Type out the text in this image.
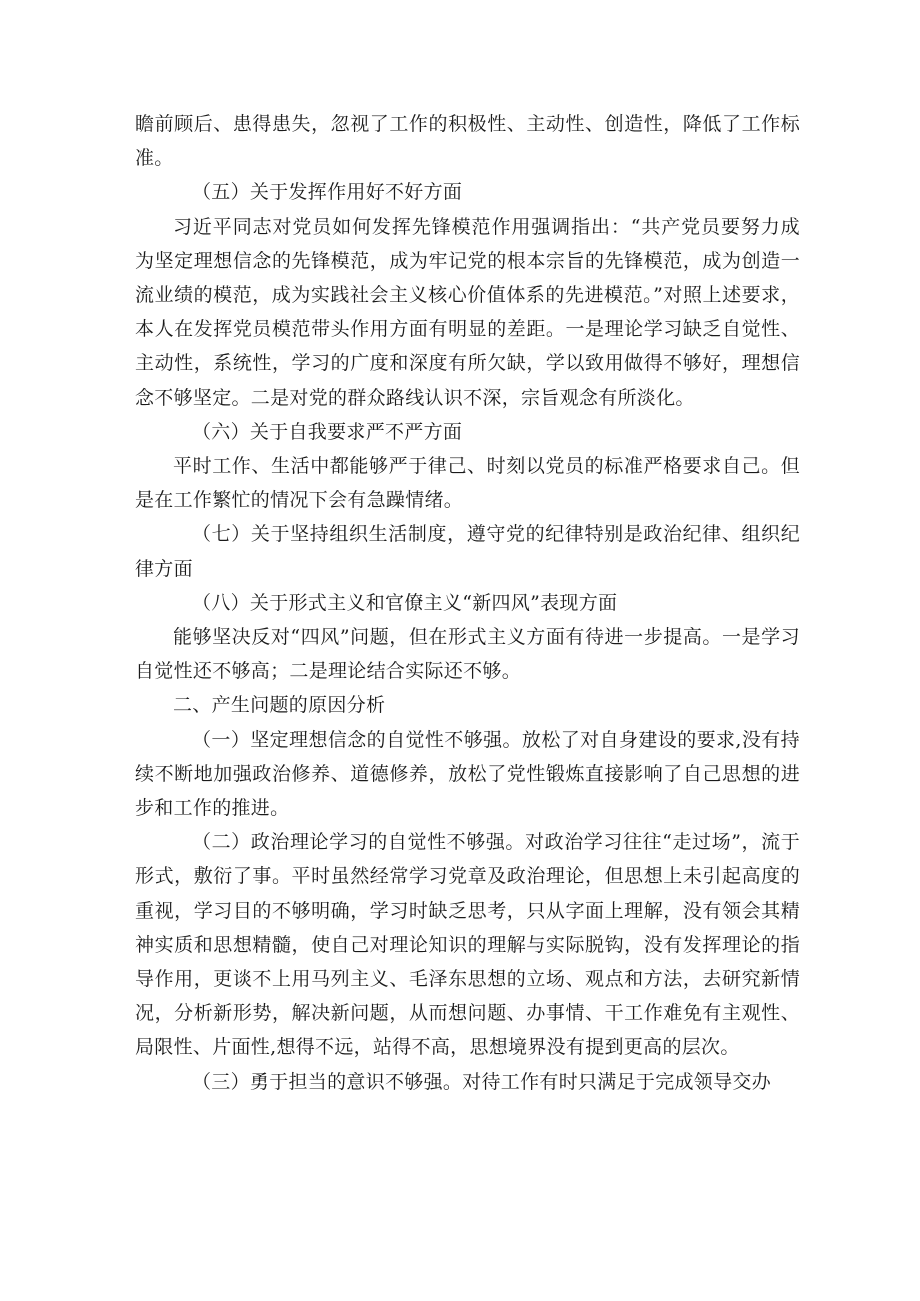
瞻前顾后、患得患失，忽视了工作的积极性、主动性、创造性，降低了工作标准。

（五）关于发挥作用好不好方面

习近平同志对党员如何发挥先锋模范作用强调指出：“共产党员要努力成为坚定理想信念的先锋模范，成为牢记党的根本宗旨的先锋模范，成为创造一流业绩的模范，成为实践社会主义核心价值体系的先进模范。”对照上述要求，本人在发挥党员模范带头作用方面有明显的差距。一是理论学习缺乏自觉性、主动性，系统性，学习的广度和深度有所欠缺，学以致用做得不够好，理想信念不够坚定。二是对党的群众路线认识不深，宗旨观念有所淡化。

（六）关于自我要求严不严方面

平时工作、生活中都能够严于律己、时刻以党员的标准严格要求自己。但是在工作繁忙的情况下会有急躁情绪。

（七）关于坚持组织生活制度，遵守党的纪律特别是政治纪律、组织纪律方面

（八）关于形式主义和官僚主义“新四风”表现方面

能够坚决反对“四风”问题，但在形式主义方面有待进一步提高。一是学习自觉性还不够高；二是理论结合实际还不够。

二、产生问题的原因分析

（一）坚定理想信念的自觉性不够强。放松了对自身建设的要求,没有持续不断地加强政治修养、道德修养，放松了党性锻炼直接影响了自己思想的进步和工作的推进。

（二）政治理论学习的自觉性不够强。对政治学习往往“走过场”，流于形式，敷衍了事。平时虽然经常学习党章及政治理论，但思想上未引起高度的重视，学习目的不够明确，学习时缺乏思考，只从字面上理解，没有领会其精神实质和思想精髓，使自己对理论知识的理解与实际脱钩，没有发挥理论的指导作用，更谈不上用马列主义、毛泽东思想的立场、观点和方法，去研究新情况，分析新形势，解决新问题，从而想问题、办事情、干工作难免有主观性、局限性、片面性,想得不远，站得不高，思想境界没有提到更高的层次。

（三）勇于担当的意识不够强。对待工作有时只满足于完成领导交办
